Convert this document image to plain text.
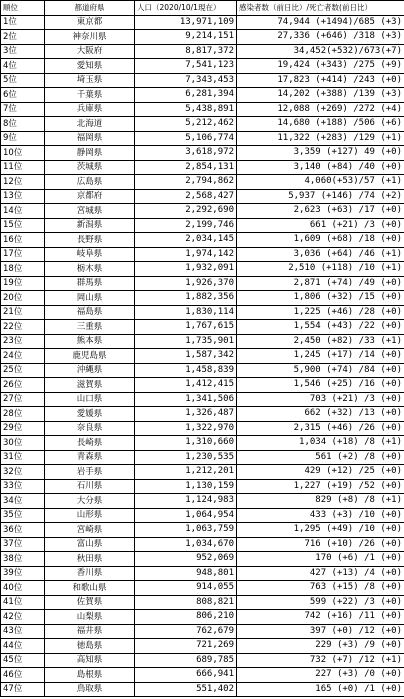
順位	都道府県	人口（2020/10/1現在）	感染者数（前日比）/死亡者数(前日比）
1位	東京都	13,971,109	74,944 (+1494)/685 (+3)
2位	神奈川県	9,214,151	27,336 (+646) /318 (+3)
3位	大阪府	8,817,372	34,452(+532)/673(+7)
4位	愛知県	7,541,123	19,424 (+343) /275 (+9)
5位	埼玉県	7,343,453	17,823 (+414) /243 (+0)
6位	千葉県	6,281,394	14,202 (+388) /139 (+3)
7位	兵庫県	5,438,891	12,088 (+269) /272 (+4)
8位	北海道	5,212,462	14,680 (+188) /506 (+6)
9位	福岡県	5,106,774	11,322 (+283) /129 (+1)
10位	静岡県	3,618,972	3,359 (+127) 49 (+0)
11位	茨城県	2,854,131	3,140 (+84) /40 (+0)
12位	広島県	2,794,862	4,060(+53)/57 (+1)
13位	京都府	2,568,427	5,937 (+146) /74 (+2)
14位	宮城県	2,292,690	2,623 (+63) /17 (+0)
15位	新潟県	2,199,746	661 (+21) /3 (+0)
16位	長野県	2,034,145	1,609 (+68) /18 (+0)
17位	岐阜県	1,974,142	3,036 (+64) /46 (+1)
18位	栃木県	1,932,091	2,510 (+118) /10 (+1)
19位	群馬県	1,926,370	2,871 (+74) /49 (+0)
20位	岡山県	1,882,356	1,806 (+32) /15 (+0)
21位	福島県	1,830,114	1,225 (+46) /28 (+0)
22位	三重県	1,767,615	1,554 (+43) /22 (+0)
23位	熊本県	1,735,901	2,450 (+82) /33 (+1)
24位	鹿児島県	1,587,342	1,245 (+17) /14 (+0)
25位	沖縄県	1,458,839	5,900 (+74) /84 (+0)
26位	滋賀県	1,412,415	1,546 (+25) /16 (+0)
27位	山口県	1,341,506	703 (+21) /3 (+0)
28位	愛媛県	1,326,487	662 (+32) /13 (+0)
29位	奈良県	1,322,970	2,315 (+46) /26 (+0)
30位	長崎県	1,310,660	1,034 (+18) /8 (+1)
31位	青森県	1,230,535	561 (+2) /8 (+0)
32位	岩手県	1,212,201	429 (+12) /25 (+0)
33位	石川県	1,130,159	1,227 (+19) /52 (+0)
34位	大分県	1,124,983	829 (+8) /8 (+1)
35位	山形県	1,064,954	433 (+3) /10 (+0)
36位	宮崎県	1,063,759	1,295 (+49) /10 (+0)
37位	富山県	1,034,670	716 (+10) /26 (+0)
38位	秋田県	952,069	170 (+6) /1 (+0)
39位	香川県	948,801	427 (+13) /4 (+0)
40位	和歌山県	914,055	763 (+15) /8 (+0)
41位	佐賀県	808,821	599 (+22) /3 (+0)
42位	山梨県	806,210	742 (+16) /11 (+0)
43位	福井県	762,679	397 (+0) /12 (+0)
44位	徳島県	721,269	229 (+3) /9 (+0)
45位	高知県	689,785	732 (+7) /12 (+1)
46位	島根県	666,941	227 (+3) /0 (+0)
47位	鳥取県	551,402	165 (+0) /1 (+0)
